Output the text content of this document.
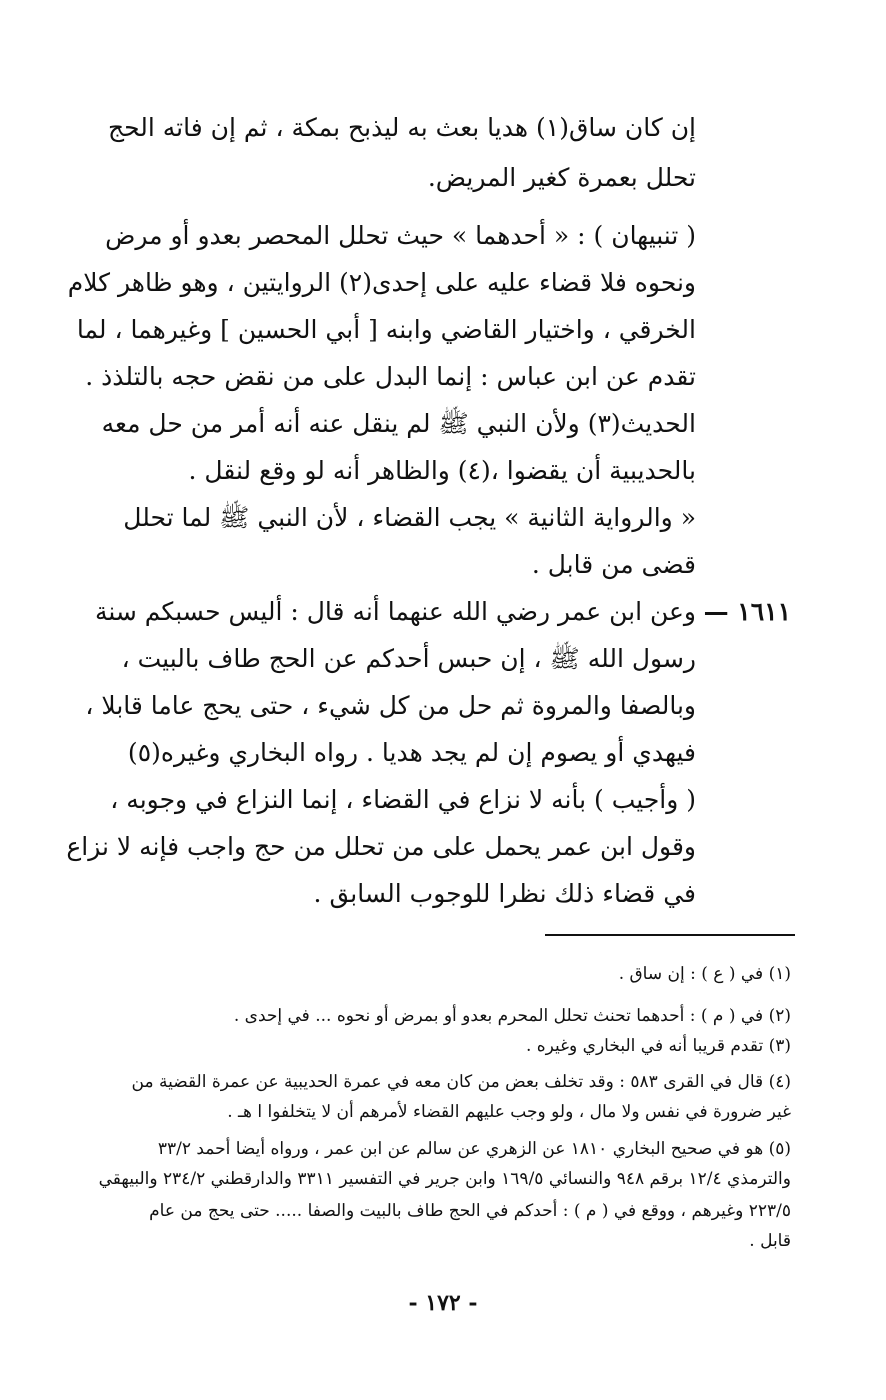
إن كان ساق(١) هديا بعث به ليذبح بمكة ، ثم إن فاته الحج
تحلل بعمرة كغير المريض.
( تنبيهان ) : « أحدهما » حيث تحلل المحصر بعدو أو مرض
ونحوه فلا قضاء عليه على إحدى(٢) الروايتين ، وهو ظاهر كلام
الخرقي ، واختيار القاضي وابنه [ أبي الحسين ] وغيرهما ، لما
تقدم عن ابن عباس : إنما البدل على من نقض حجه بالتلذذ .
الحديث(٣) ولأن النبي ﷺ لم ينقل عنه أنه أمر من حل معه
بالحديبية أن يقضوا ،(٤) والظاهر أنه لو وقع لنقل .
« والرواية الثانية » يجب القضاء ، لأن النبي ﷺ لما تحلل
قضى من قابل .
١٦١١ —
وعن ابن عمر رضي الله عنهما أنه قال : أليس حسبكم سنة
رسول الله ﷺ ، إن حبس أحدكم عن الحج طاف بالبيت ،
وبالصفا والمروة ثم حل من كل شيء ، حتى يحج عاما قابلا ،
فيهدي أو يصوم إن لم يجد هديا . رواه البخاري وغيره(٥)
( وأجيب ) بأنه لا نزاع في القضاء ، إنما النزاع في وجوبه ،
وقول ابن عمر يحمل على من تحلل من حج واجب فإنه لا نزاع
في قضاء ذلك نظرا للوجوب السابق .
(١) في ( ع ) : إن ساق .
(٢) في ( م ) : أحدهما تحنث تحلل المحرم بعدو أو بمرض أو نحوه ... في إحدى .
(٣) تقدم قريبا أنه في البخاري وغيره .
(٤) قال في القرى ٥٨٣ : وقد تخلف بعض من كان معه في عمرة الحديبية عن عمرة القضية من
غير ضرورة في نفس ولا مال ، ولو وجب عليهم القضاء لأمرهم أن لا يتخلفوا ا هـ .
(٥) هو في صحيح البخاري ١٨١٠ عن الزهري عن سالم عن ابن عمر ، ورواه أيضا أحمد ٣٣/٢
والترمذي ١٢/٤ برقم ٩٤٨ والنسائي ١٦٩/٥ وابن جرير في التفسير ٣٣١١ والدارقطني ٢٣٤/٢ والبيهقي
٢٢٣/٥ وغيرهم ، ووقع في ( م ) : أحدكم في الحج طاف بالبيت والصفا ..... حتى يحج من عام
قابل .
- ١٧٢ -
